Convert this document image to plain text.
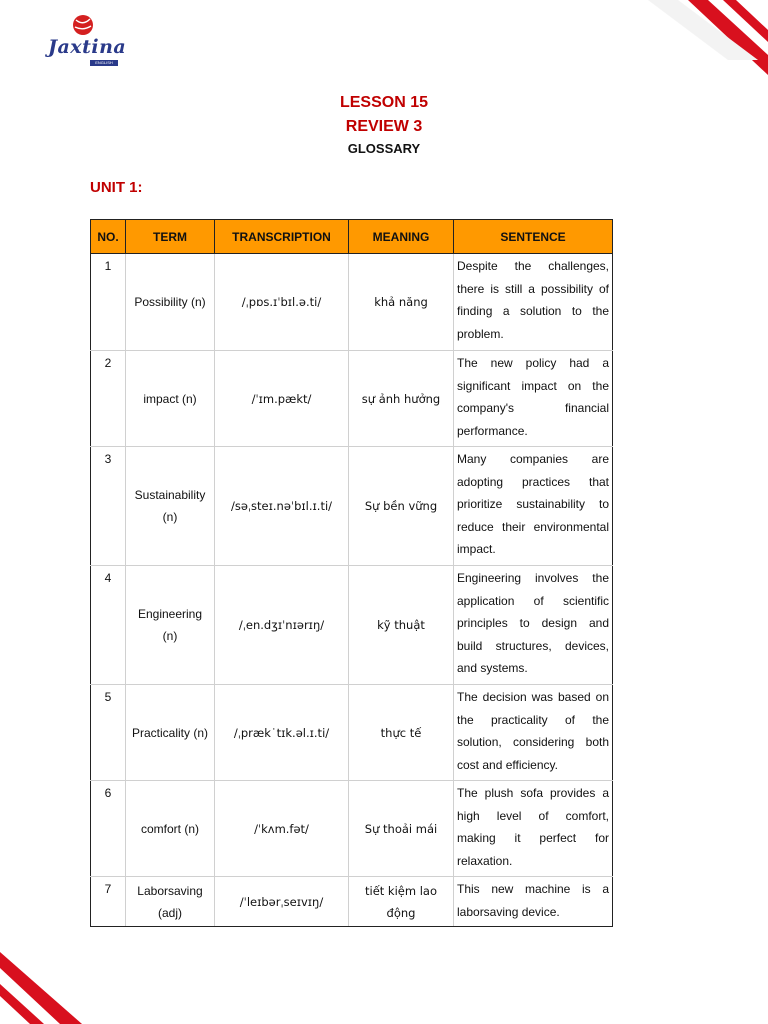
Jaxtina
ENGLISH
LESSON 15
REVIEW 3
GLOSSARY
UNIT 1:
NO.	TERM	TRANSCRIPTION	MEANING	SENTENCE
1	Possibility (n)	/ˌpɒs.ɪˈbɪl.ə.ti/	khả năng	Despite the challenges, there is still a possibility of finding a solution to the problem.
2	impact (n)	/ˈɪm.pækt/	sự ảnh hưởng	The new policy had a significant impact on the company's financial performance.
3	Sustainability (n)	/səˌsteɪ.nəˈbɪl.ɪ.ti/	Sự bền vững	Many companies are adopting practices that prioritize sustainability to reduce their environmental impact.
4	Engineering (n)	/ˌen.dʒɪˈnɪərɪŋ/	kỹ thuật	Engineering involves the application of scientific principles to design and build structures, devices, and systems.
5	Practicality (n)	/ˌpræk˙tɪk.əl.ɪ.ti/	thực tế	The decision was based on the practicality of the solution, considering both cost and efficiency.
6	comfort (n)	/ˈkʌm.fət/	Sự thoải mái	The plush sofa provides a high level of comfort, making it perfect for relaxation.
7	Laborsaving (adj)	/ˈleɪbərˌseɪvɪŋ/	tiết kiệm lao động	This new machine is a laborsaving device.
